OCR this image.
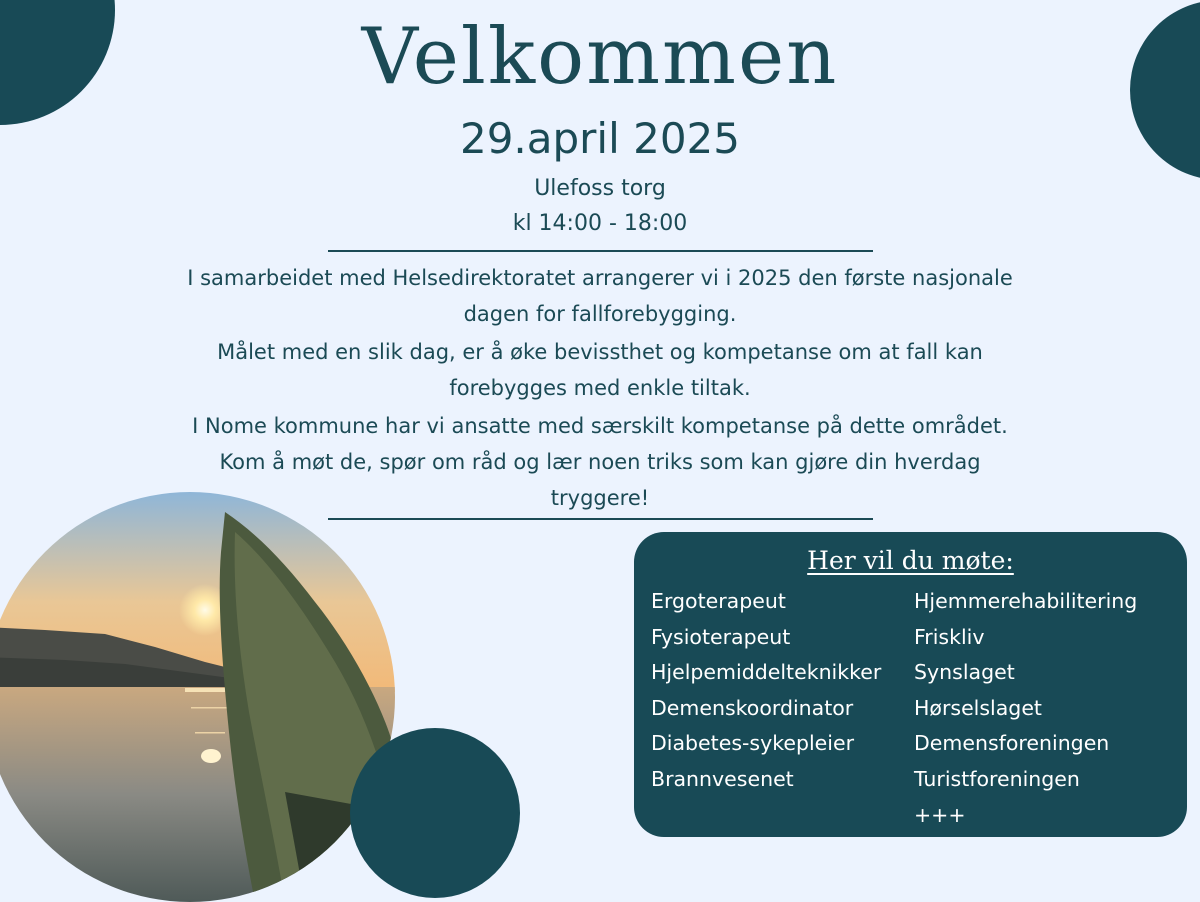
Velkommen
29.april 2025
Ulefoss torg
kl 14:00 - 18:00
I samarbeidet med Helsedirektoratet arrangerer vi i 2025 den første nasjonale dagen for fallforebygging.
Målet med en slik dag, er å øke bevissthet og kompetanse om at fall kan forebygges med enkle tiltak.
I Nome kommune har vi ansatte med særskilt kompetanse på dette området. Kom å møt de, spør om råd og lær noen triks som kan gjøre din hverdag tryggere!
Her vil du møte:
Ergoterapeut
Fysioterapeut
Hjelpemiddelteknikker
Demenskoordinator
Diabetes-sykepleier
Brannvesenet
Hjemmerehabilitering
Friskliv
Synslaget
Hørselslaget
Demensforeningen
Turistforeningen
+++
